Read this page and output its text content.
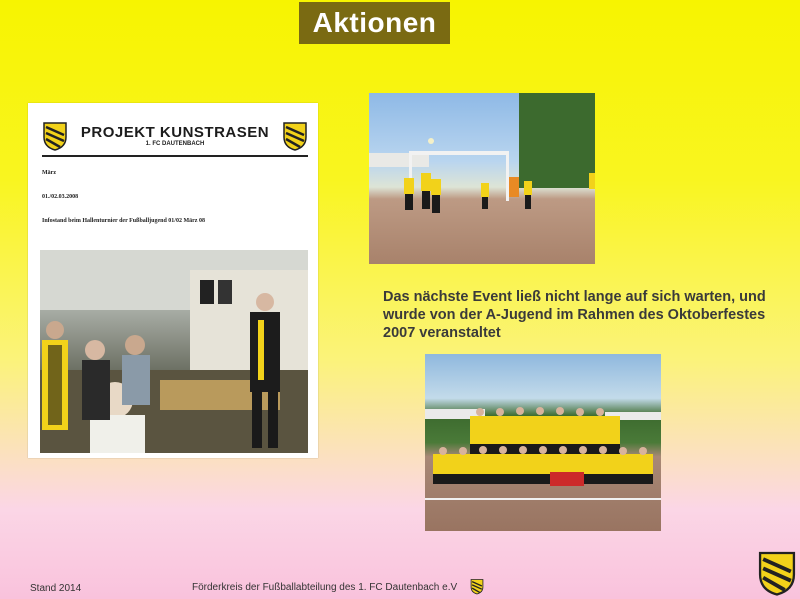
Aktionen
PROJEKT KUNSTRASEN
1. FC DAUTENBACH
März
01./02.03.2008
Infostand beim Hallenturnier der Fußballjugend 01/02 März 08
Das nächste Event ließ nicht lange auf sich warten, und wurde von der A-Jugend im Rahmen des Oktoberfestes 2007 veranstaltet
Stand 2014	Förderkreis der Fußballabteilung des 1. FC Dautenbach e.V
